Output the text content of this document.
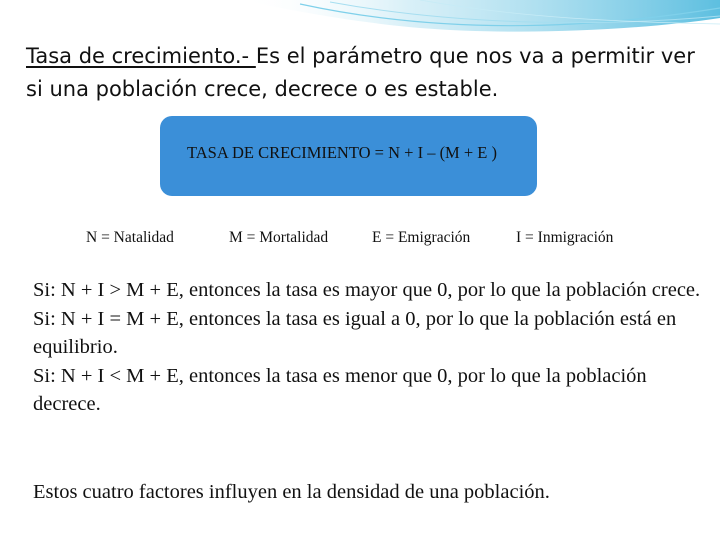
Tasa de crecimiento.- Es el parámetro que nos va a permitir ver si una población crece, decrece o es estable.

TASA DE CRECIMIENTO = N + I – (M + E )
N = Natalidad	M = Mortalidad	E = Emigración	I = Inmigración

Si: N + I > M + E, entonces la tasa es mayor que 0, por lo que la población crece.

Si: N + I = M + E, entonces la tasa es igual a 0, por lo que la población está en equilibrio.

Si: N + I < M + E, entonces la tasa es menor que 0, por lo que la población decrece.

Estos cuatro factores influyen en la densidad de una población.
